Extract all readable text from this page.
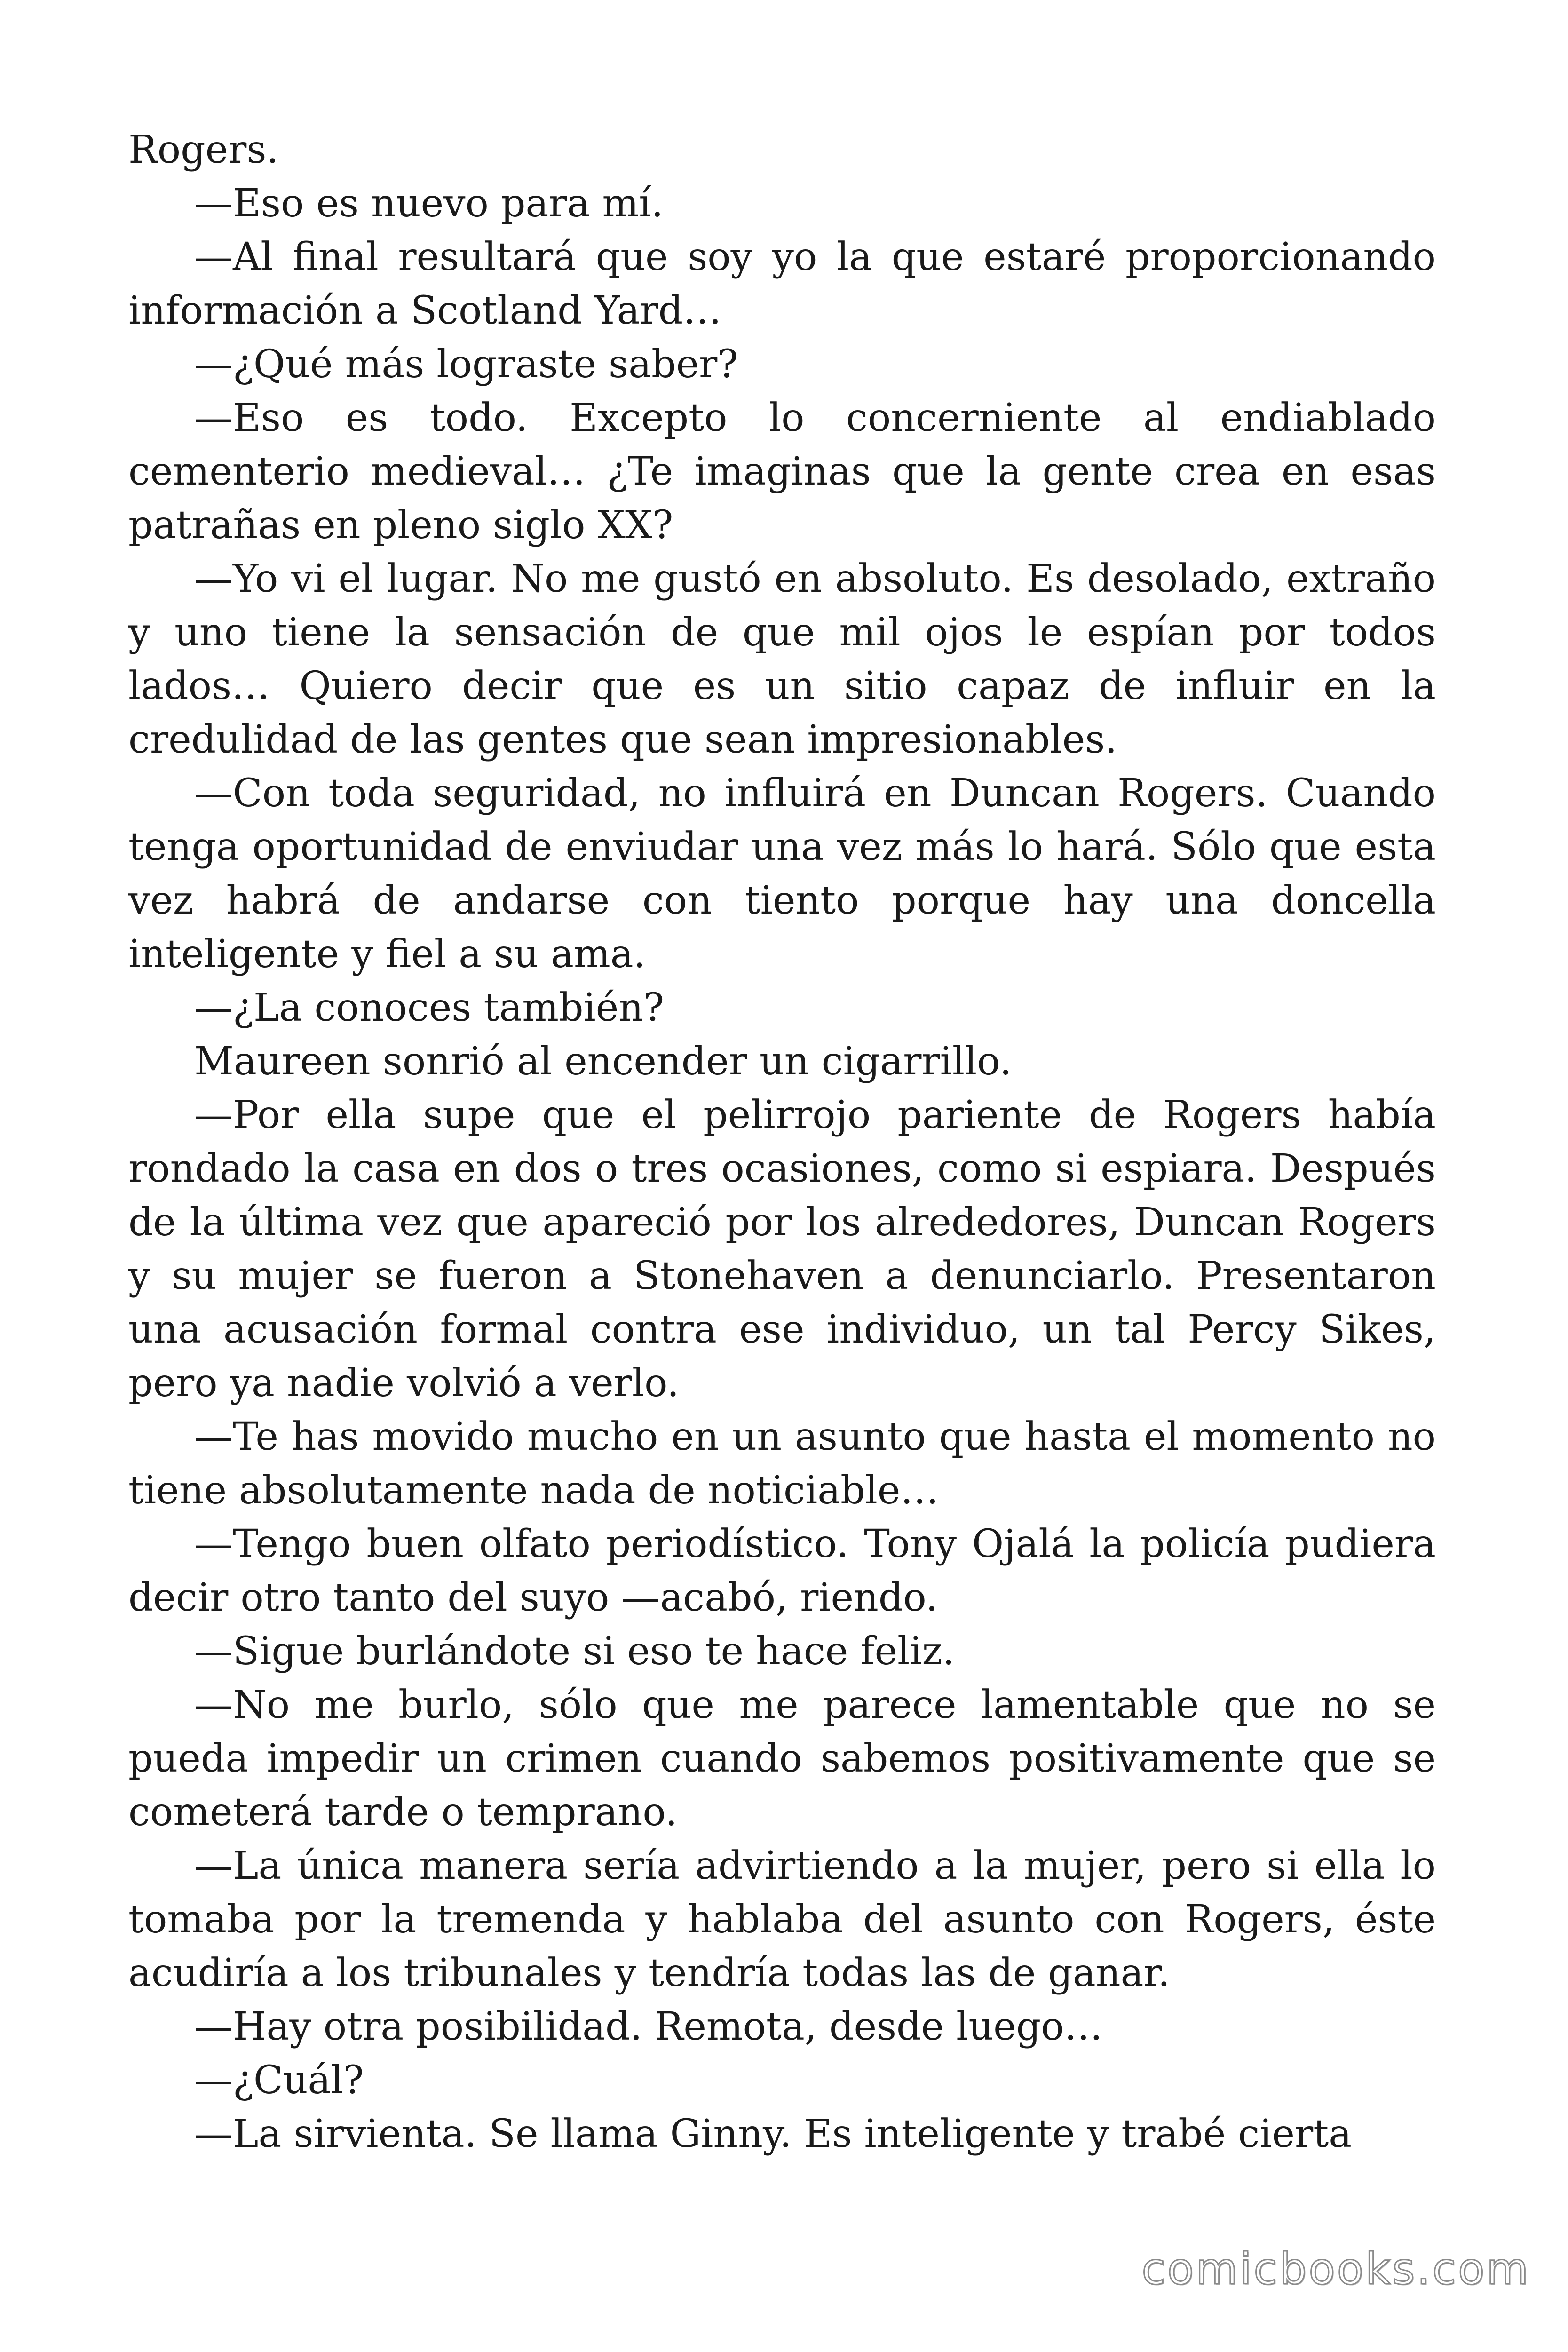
Rogers.

—Eso es nuevo para mí.

—Al final resultará que soy yo la que estaré proporcionando información a Scotland Yard…

—¿Qué más lograste saber?

—Eso es todo. Excepto lo concerniente al endiablado cementerio medieval… ¿Te imaginas que la gente crea en esas patrañas en pleno siglo XX?

—Yo vi el lugar. No me gustó en absoluto. Es desolado, extraño y uno tiene la sensación de que mil ojos le espían por todos lados… Quiero decir que es un sitio capaz de influir en la credulidad de las gentes que sean impresionables.

—Con toda seguridad, no influirá en Duncan Rogers. Cuando tenga oportunidad de enviudar una vez más lo hará. Sólo que esta vez habrá de andarse con tiento porque hay una doncella inteligente y fiel a su ama.

—¿La conoces también?

Maureen sonrió al encender un cigarrillo.

—Por ella supe que el pelirrojo pariente de Rogers había rondado la casa en dos o tres ocasiones, como si espiara. Después de la última vez que apareció por los alrededores, Duncan Rogers y su mujer se fueron a Stonehaven a denunciarlo. Presentaron una acusación formal contra ese individuo, un tal Percy Sikes, pero ya nadie volvió a verlo.

—Te has movido mucho en un asunto que hasta el momento no tiene absolutamente nada de noticiable…

—Tengo buen olfato periodístico. Tony Ojalá la policía pudiera decir otro tanto del suyo —acabó, riendo.

—Sigue burlándote si eso te hace feliz.

—No me burlo, sólo que me parece lamentable que no se pueda impedir un crimen cuando sabemos positivamente que se cometerá tarde o temprano.

—La única manera sería advirtiendo a la mujer, pero si ella lo tomaba por la tremenda y hablaba del asunto con Rogers, éste acudiría a los tribunales y tendría todas las de ganar.

—Hay otra posibilidad. Remota, desde luego…

—¿Cuál?

—La sirvienta. Se llama Ginny. Es inteligente y trabé cierta

comicbooks.com
